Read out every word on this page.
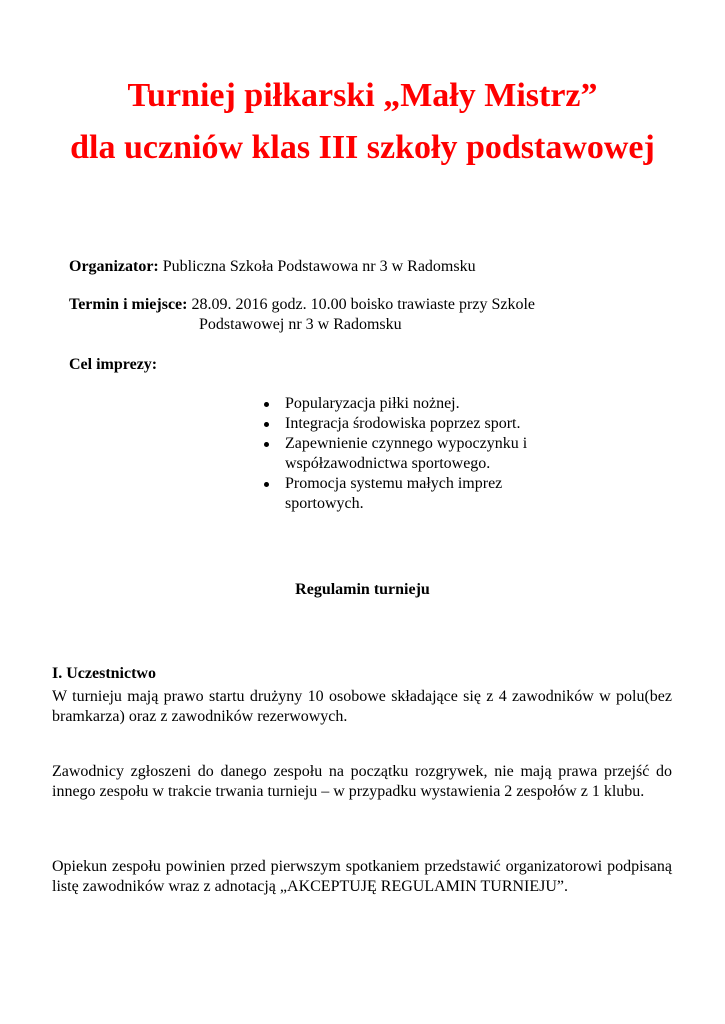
Turniej piłkarski „Mały Mistrz”
dla uczniów klas III szkoły podstawowej
Organizator: Publiczna Szkoła Podstawowa nr 3 w Radomsku
Termin i miejsce: 28.09. 2016 godz. 10.00 boisko trawiaste przy Szkole
Podstawowej nr 3 w Radomsku
Cel imprezy:
Popularyzacja piłki nożnej.
Integracja środowiska poprzez sport.
Zapewnienie czynnego wypoczynku i współzawodnictwa sportowego.
Promocja systemu małych imprez sportowych.
Regulamin turnieju
I. Uczestnictwo

W turnieju mają prawo startu drużyny 10 osobowe składające się z 4 zawodników w polu(bez bramkarza) oraz z zawodników rezerwowych.

Zawodnicy zgłoszeni do danego zespołu na początku rozgrywek, nie mają prawa przejść do innego zespołu w trakcie trwania turnieju – w przypadku wystawienia 2 zespołów z 1 klubu.

Opiekun zespołu powinien przed pierwszym spotkaniem przedstawić organizatorowi podpisaną listę zawodników wraz z adnotacją „AKCEPTUJĘ REGULAMIN TURNIEJU”.
